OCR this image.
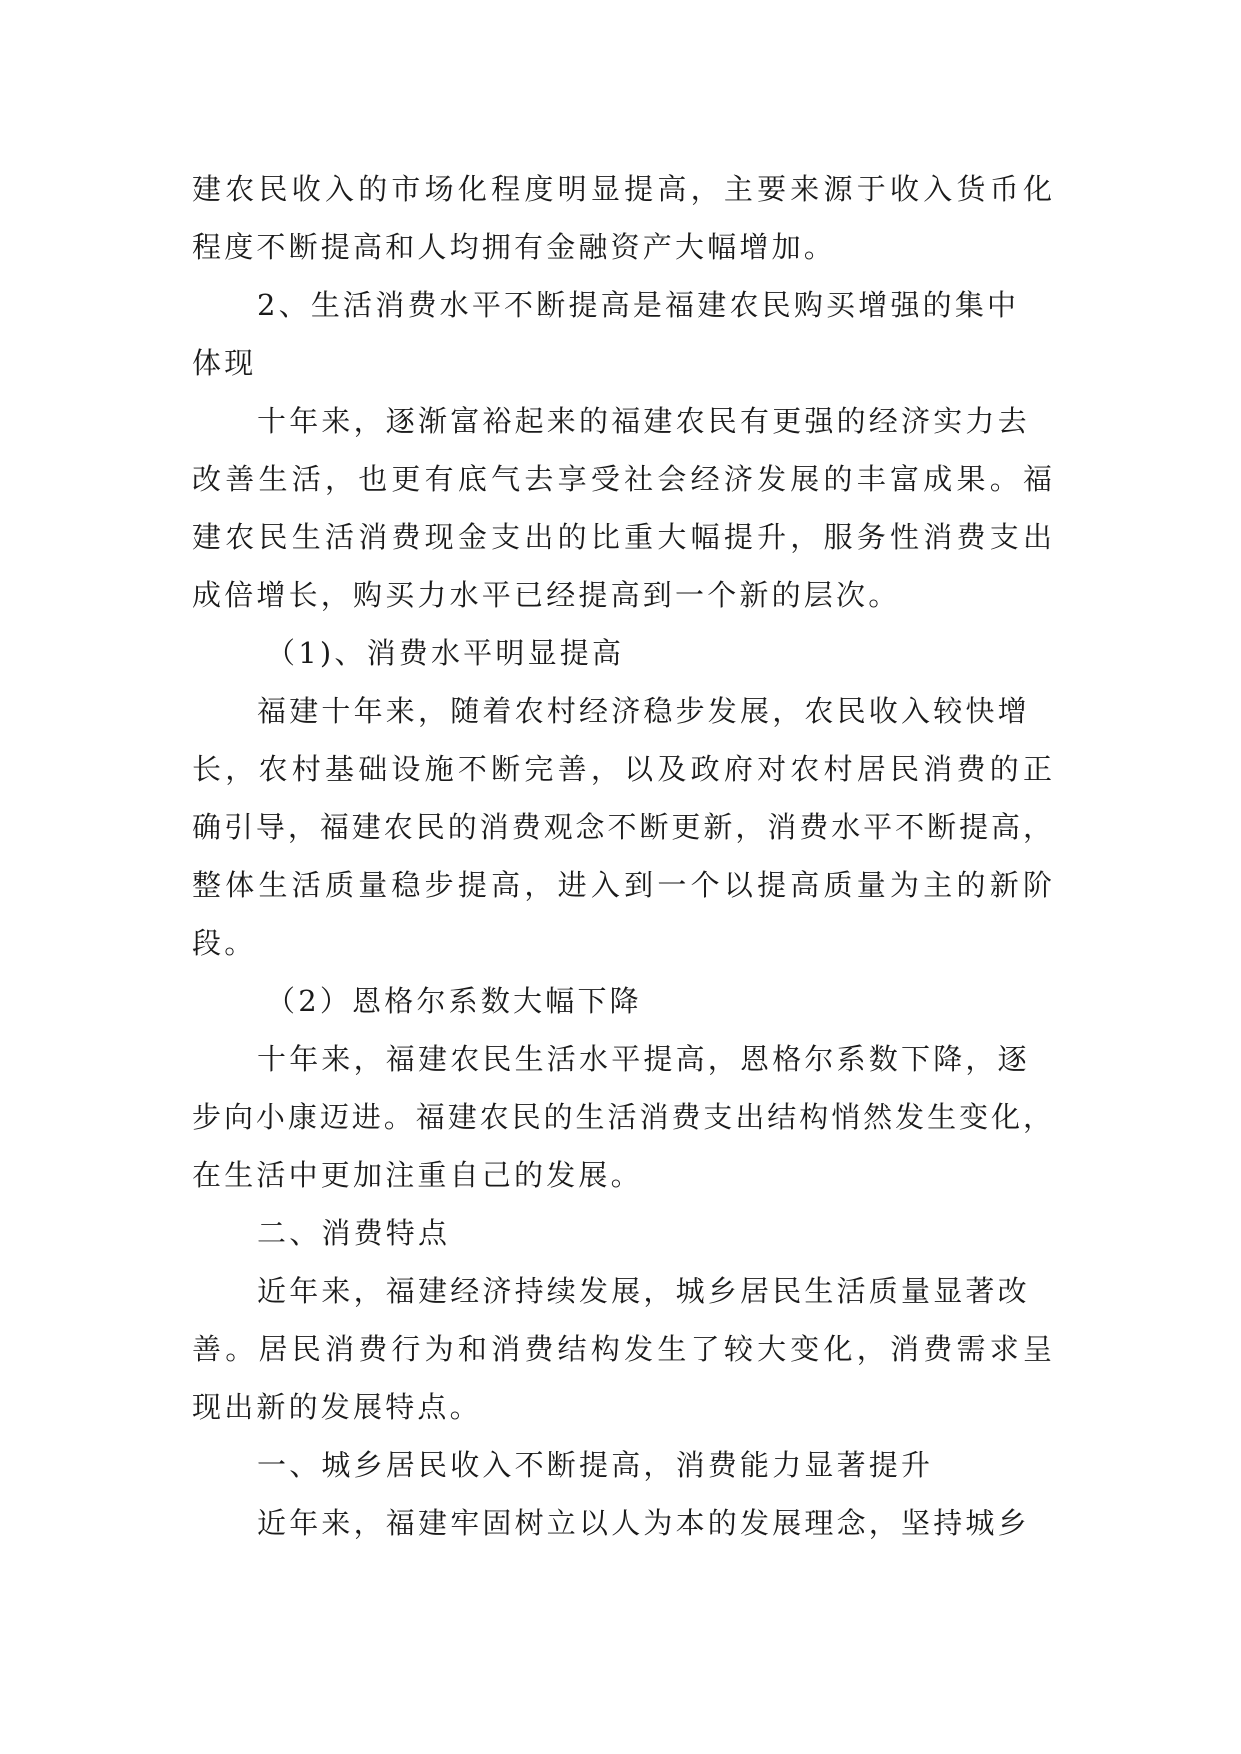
建农民收入的市场化程度明显提高，主要来源于收入货币化
程度不断提高和人均拥有金融资产大幅增加。
2、生活消费水平不断提高是福建农民购买增强的集中
体现
十年来，逐渐富裕起来的福建农民有更强的经济实力去
改善生活，也更有底气去享受社会经济发展的丰富成果。福
建农民生活消费现金支出的比重大幅提升，服务性消费支出
成倍增长，购买力水平已经提高到一个新的层次。
（1)、消费水平明显提高
福建十年来，随着农村经济稳步发展，农民收入较快增
长，农村基础设施不断完善，以及政府对农村居民消费的正
确引导，福建农民的消费观念不断更新，消费水平不断提高，
整体生活质量稳步提高，进入到一个以提高质量为主的新阶
段。
（2）恩格尔系数大幅下降
十年来，福建农民生活水平提高，恩格尔系数下降，逐
步向小康迈进。福建农民的生活消费支出结构悄然发生变化，
在生活中更加注重自己的发展。
二、消费特点
近年来，福建经济持续发展，城乡居民生活质量显著改
善。居民消费行为和消费结构发生了较大变化，消费需求呈
现出新的发展特点。
一、城乡居民收入不断提高，消费能力显著提升
近年来，福建牢固树立以人为本的发展理念，坚持城乡
